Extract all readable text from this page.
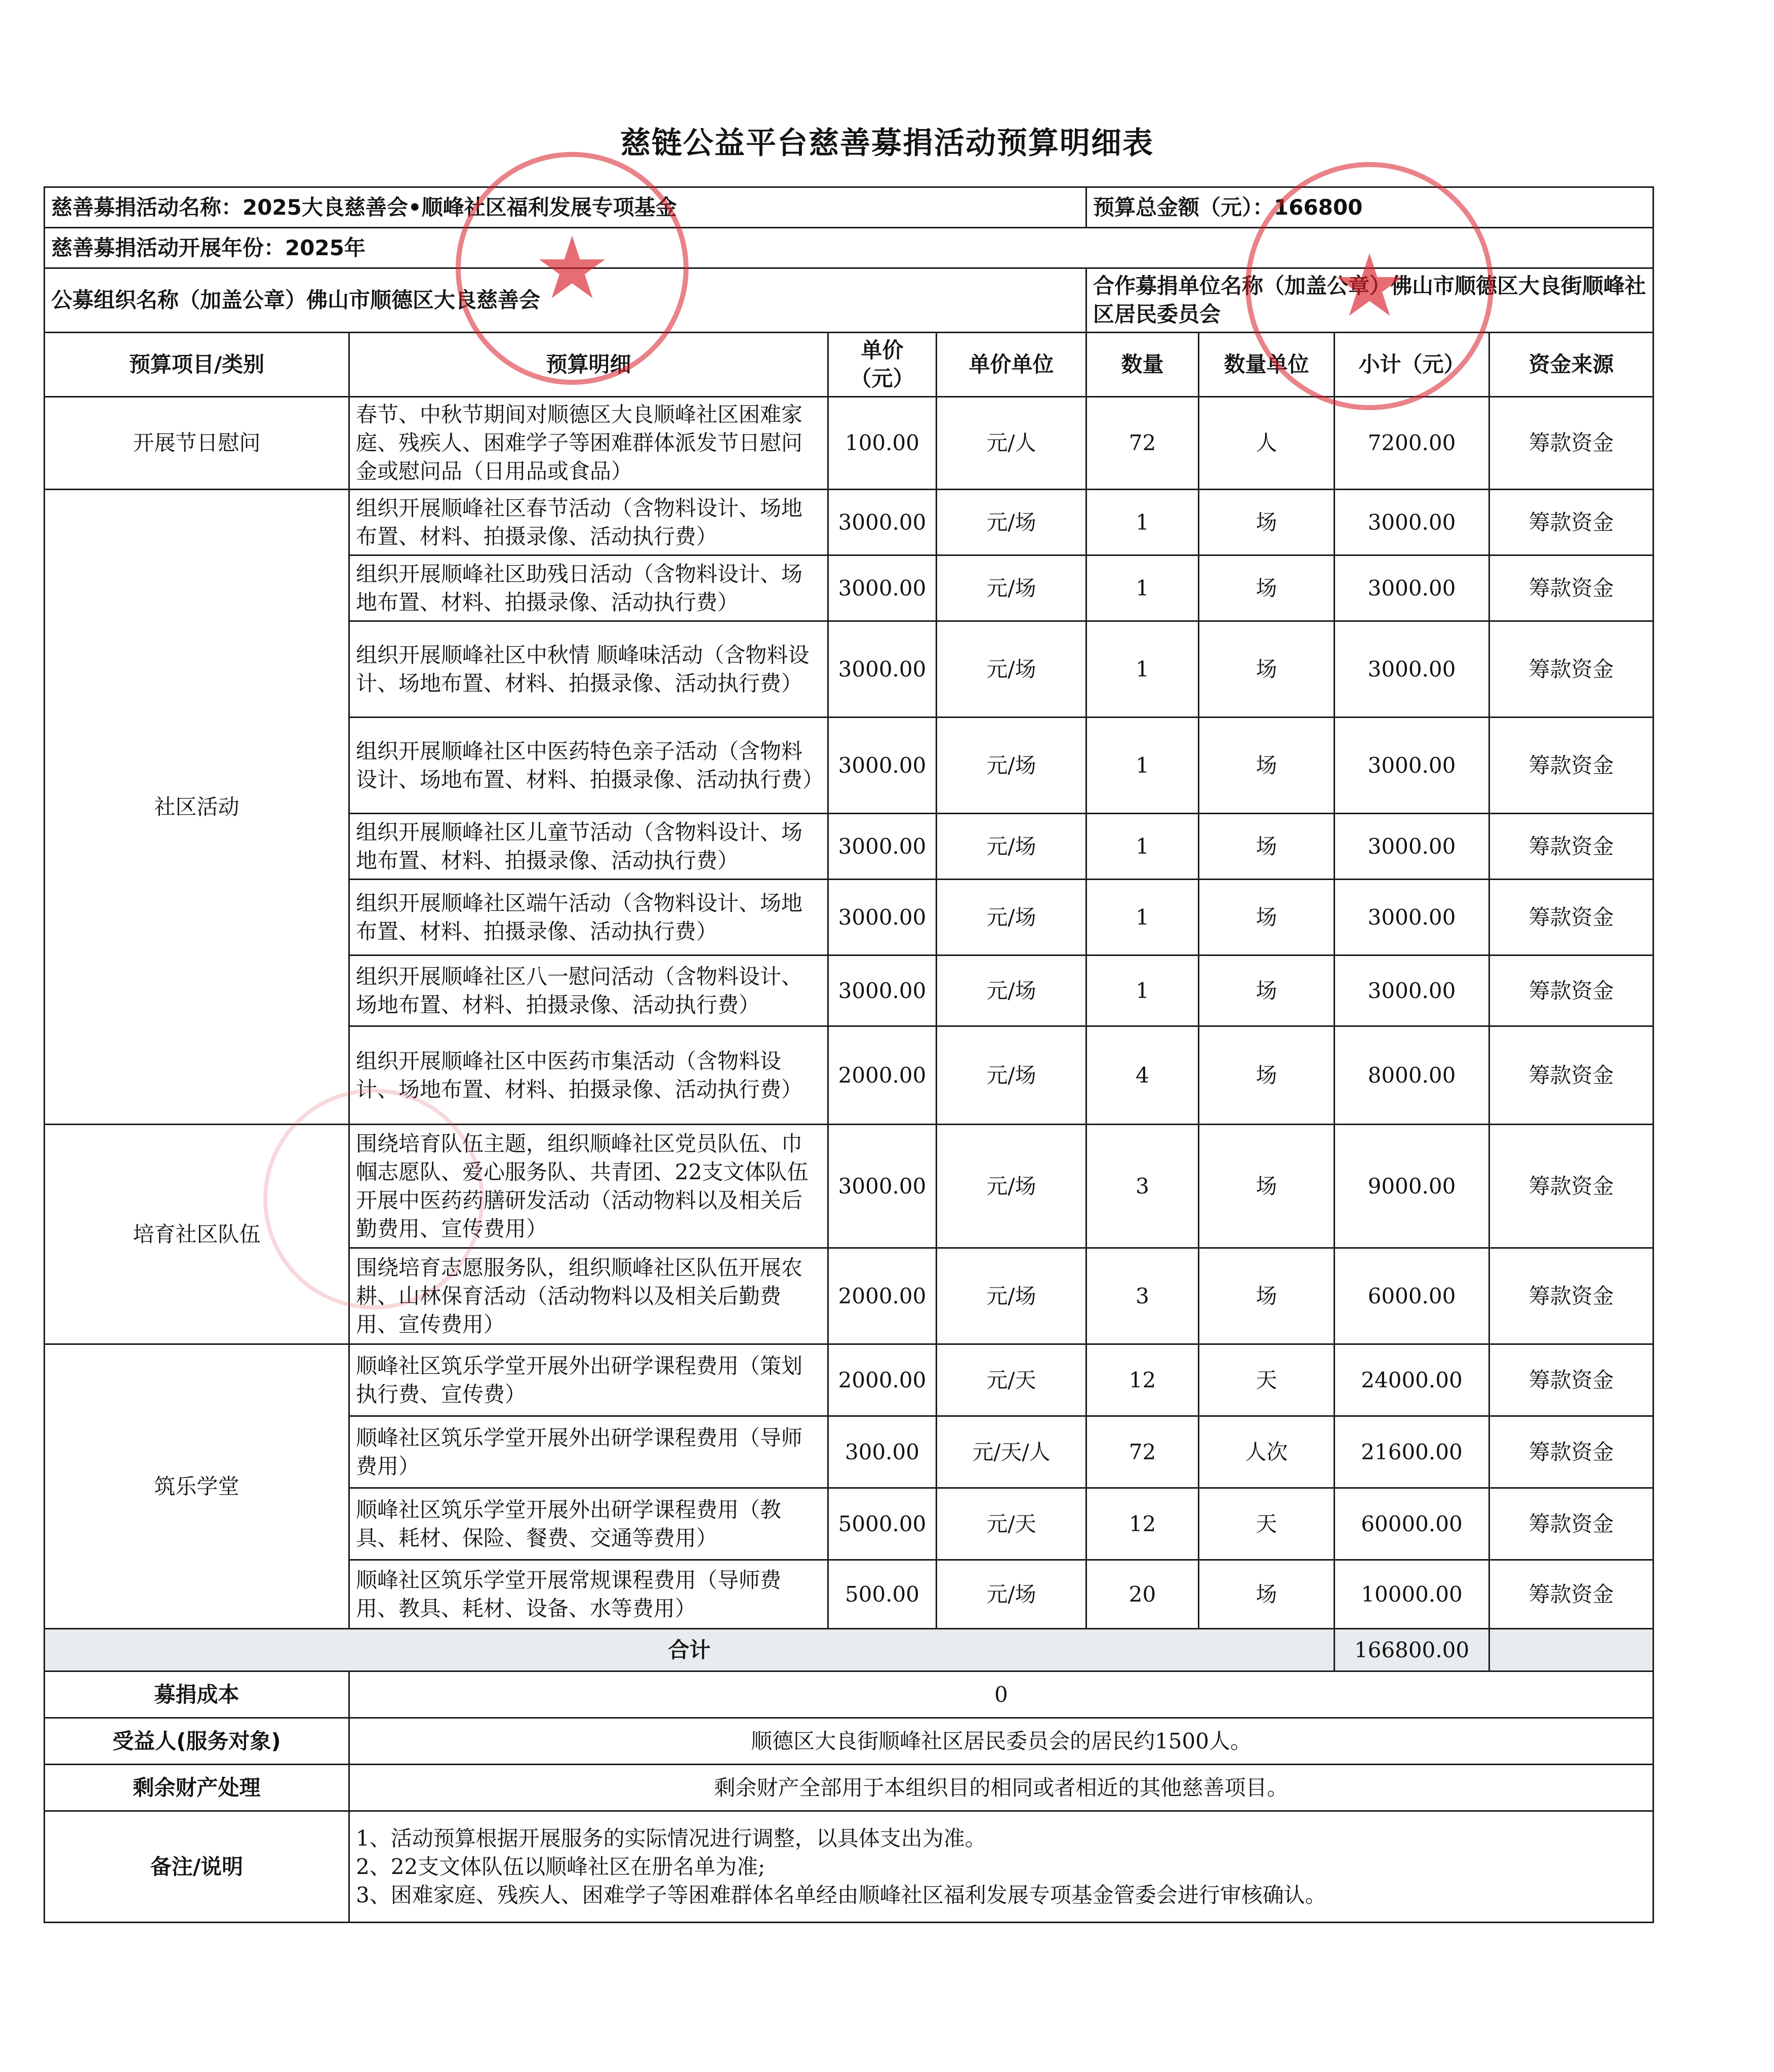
慈链公益平台慈善募捐活动预算明细表
慈善募捐活动名称：2025大良慈善会•顺峰社区福利发展专项基金				预算总金额（元）：166800			
慈善募捐活动开展年份：2025年							
公募组织名称（加盖公章）佛山市顺德区大良慈善会				合作募捐单位名称（加盖公章）佛山市顺德区大良街顺峰社区居民委员会			
预算项目/类别	预算明细	单价（元）	单价单位	数量	数量单位	小计（元）	资金来源
开展节日慰问	春节、中秋节期间对顺德区大良顺峰社区困难家庭、残疾人、困难学子等困难群体派发节日慰问金或慰问品（日用品或食品）	100.00	元/人	72	人	7200.00	筹款资金
社区活动	组织开展顺峰社区春节活动（含物料设计、场地布置、材料、拍摄录像、活动执行费）	3000.00	元/场	1	场	3000.00	筹款资金
	组织开展顺峰社区助残日活动（含物料设计、场地布置、材料、拍摄录像、活动执行费）	3000.00	元/场	1	场	3000.00	筹款资金
	组织开展顺峰社区中秋情 顺峰味活动（含物料设计、场地布置、材料、拍摄录像、活动执行费）	3000.00	元/场	1	场	3000.00	筹款资金
	组织开展顺峰社区中医药特色亲子活动（含物料设计、场地布置、材料、拍摄录像、活动执行费）	3000.00	元/场	1	场	3000.00	筹款资金
	组织开展顺峰社区儿童节活动（含物料设计、场地布置、材料、拍摄录像、活动执行费）	3000.00	元/场	1	场	3000.00	筹款资金
	组织开展顺峰社区端午活动（含物料设计、场地布置、材料、拍摄录像、活动执行费）	3000.00	元/场	1	场	3000.00	筹款资金
	组织开展顺峰社区八一慰问活动（含物料设计、场地布置、材料、拍摄录像、活动执行费）	3000.00	元/场	1	场	3000.00	筹款资金
	组织开展顺峰社区中医药市集活动（含物料设计、场地布置、材料、拍摄录像、活动执行费）	2000.00	元/场	4	场	8000.00	筹款资金
培育社区队伍	围绕培育队伍主题，组织顺峰社区党员队伍、巾帼志愿队、爱心服务队、共青团、22支文体队伍开展中医药药膳研发活动（活动物料以及相关后勤费用、宣传费用）	3000.00	元/场	3	场	9000.00	筹款资金
	围绕培育志愿服务队，组织顺峰社区队伍开展农耕、山林保育活动（活动物料以及相关后勤费用、宣传费用）	2000.00	元/场	3	场	6000.00	筹款资金
筑乐学堂	顺峰社区筑乐学堂开展外出研学课程费用（策划执行费、宣传费）	2000.00	元/天	12	天	24000.00	筹款资金
	顺峰社区筑乐学堂开展外出研学课程费用（导师费用）	300.00	元/天/人	72	人次	21600.00	筹款资金
	顺峰社区筑乐学堂开展外出研学课程费用（教具、耗材、保险、餐费、交通等费用）	5000.00	元/天	12	天	60000.00	筹款资金
	顺峰社区筑乐学堂开展常规课程费用（导师费用、教具、耗材、设备、水等费用）	500.00	元/场	20	场	10000.00	筹款资金
合计						166800.00	
募捐成本	0						
受益人(服务对象)	顺德区大良街顺峰社区居民委员会的居民约1500人。						
剩余财产处理	剩余财产全部用于本组织目的相同或者相近的其他慈善项目。						
备注/说明	1、活动预算根据开展服务的实际情况进行调整，以具体支出为准。
2、22支文体队伍以顺峰社区在册名单为准;
3、困难家庭、残疾人、困难学子等困难群体名单经由顺峰社区福利发展专项基金管委会进行审核确认。						
★	★
